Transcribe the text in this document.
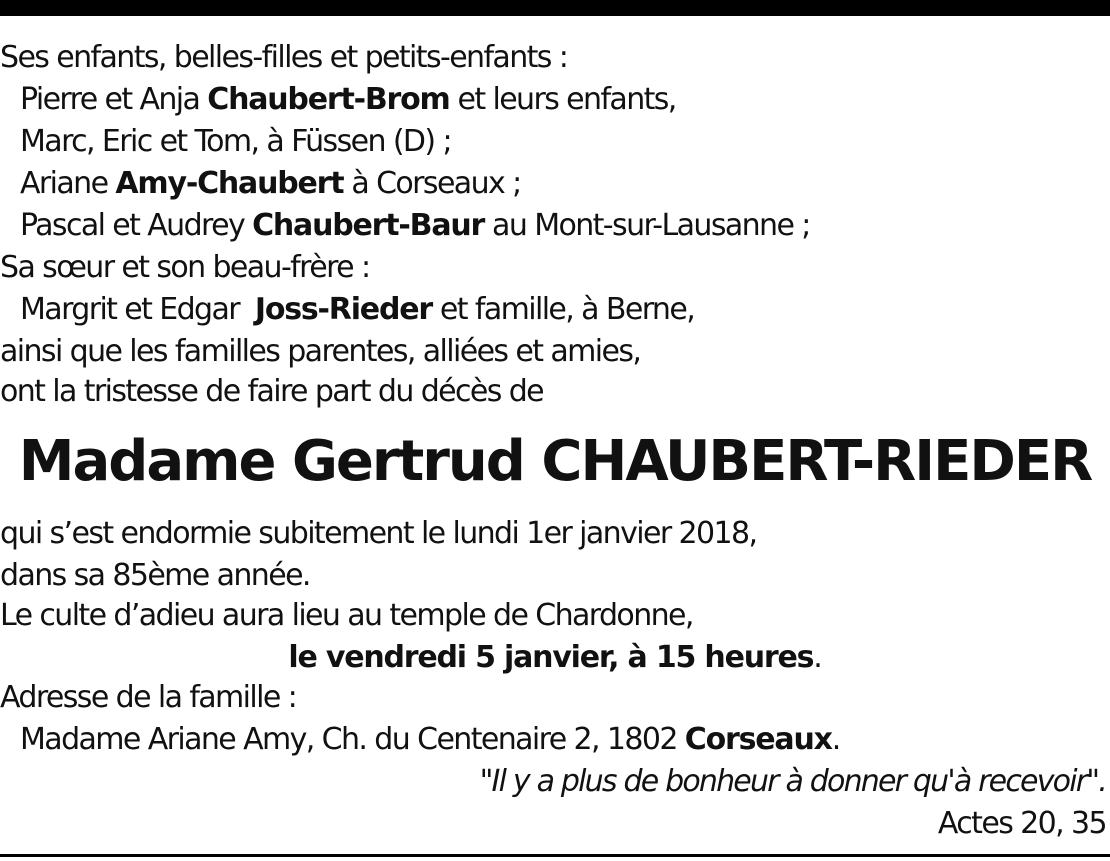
Ses enfants, belles-filles et petits-enfants :
Pierre et Anja Chaubert-Brom et leurs enfants,
Marc, Eric et Tom, à Füssen (D) ;
Ariane Amy-Chaubert à Corseaux ;
Pascal et Audrey Chaubert-Baur au Mont-sur-Lausanne ;
Sa sœur et son beau-frère :
Margrit et Edgar  Joss-Rieder et famille, à Berne,
ainsi que les familles parentes, alliées et amies,
ont la tristesse de faire part du décès de
Madame Gertrud CHAUBERT-RIEDER
qui s’est endormie subitement le lundi 1er janvier 2018,
dans sa 85ème année.
Le culte d’adieu aura lieu au temple de Chardonne,
le vendredi 5 janvier, à 15 heures.
Adresse de la famille :
Madame Ariane Amy, Ch. du Centenaire 2, 1802 Corseaux.
"Il y a plus de bonheur à donner qu'à recevoir".
Actes 20, 35
